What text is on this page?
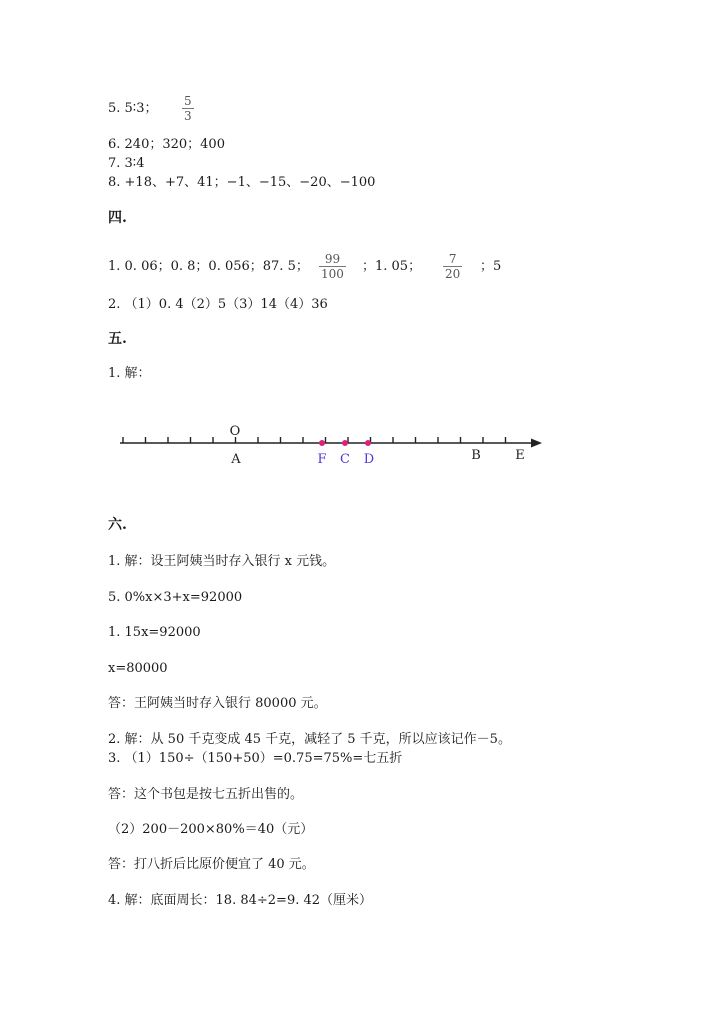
5. 5∶3； 5
3
6. 240；320；400
7. 3∶4
8. +18、+7、41；−1、−15、−20、−100
四.
1. 0. 06；0. 8；0. 056；87. 5；	99
100 ；1. 05；	7
20 ；5
2. （1）0. 4（2）5（3）14（4）36
五.
1. 解：
O
A	F C D	B	E
六.
1. 解：设王阿姨当时存入银行 x 元钱。
5. 0%x×3+x=92000
1. 15x=92000
x=80000
答：王阿姨当时存入银行 80000 元。
2. 解：从 50 千克变成 45 千克，减轻了 5 千克，所以应该记作－5。
3. （1）150÷（150+50）=0.75=75%=七五折
答：这个书包是按七五折出售的。
（2）200－200×80%＝40（元）
答：打八折后比原价便宜了 40 元。
4. 解：底面周长：18. 84÷2=9. 42（厘米）
